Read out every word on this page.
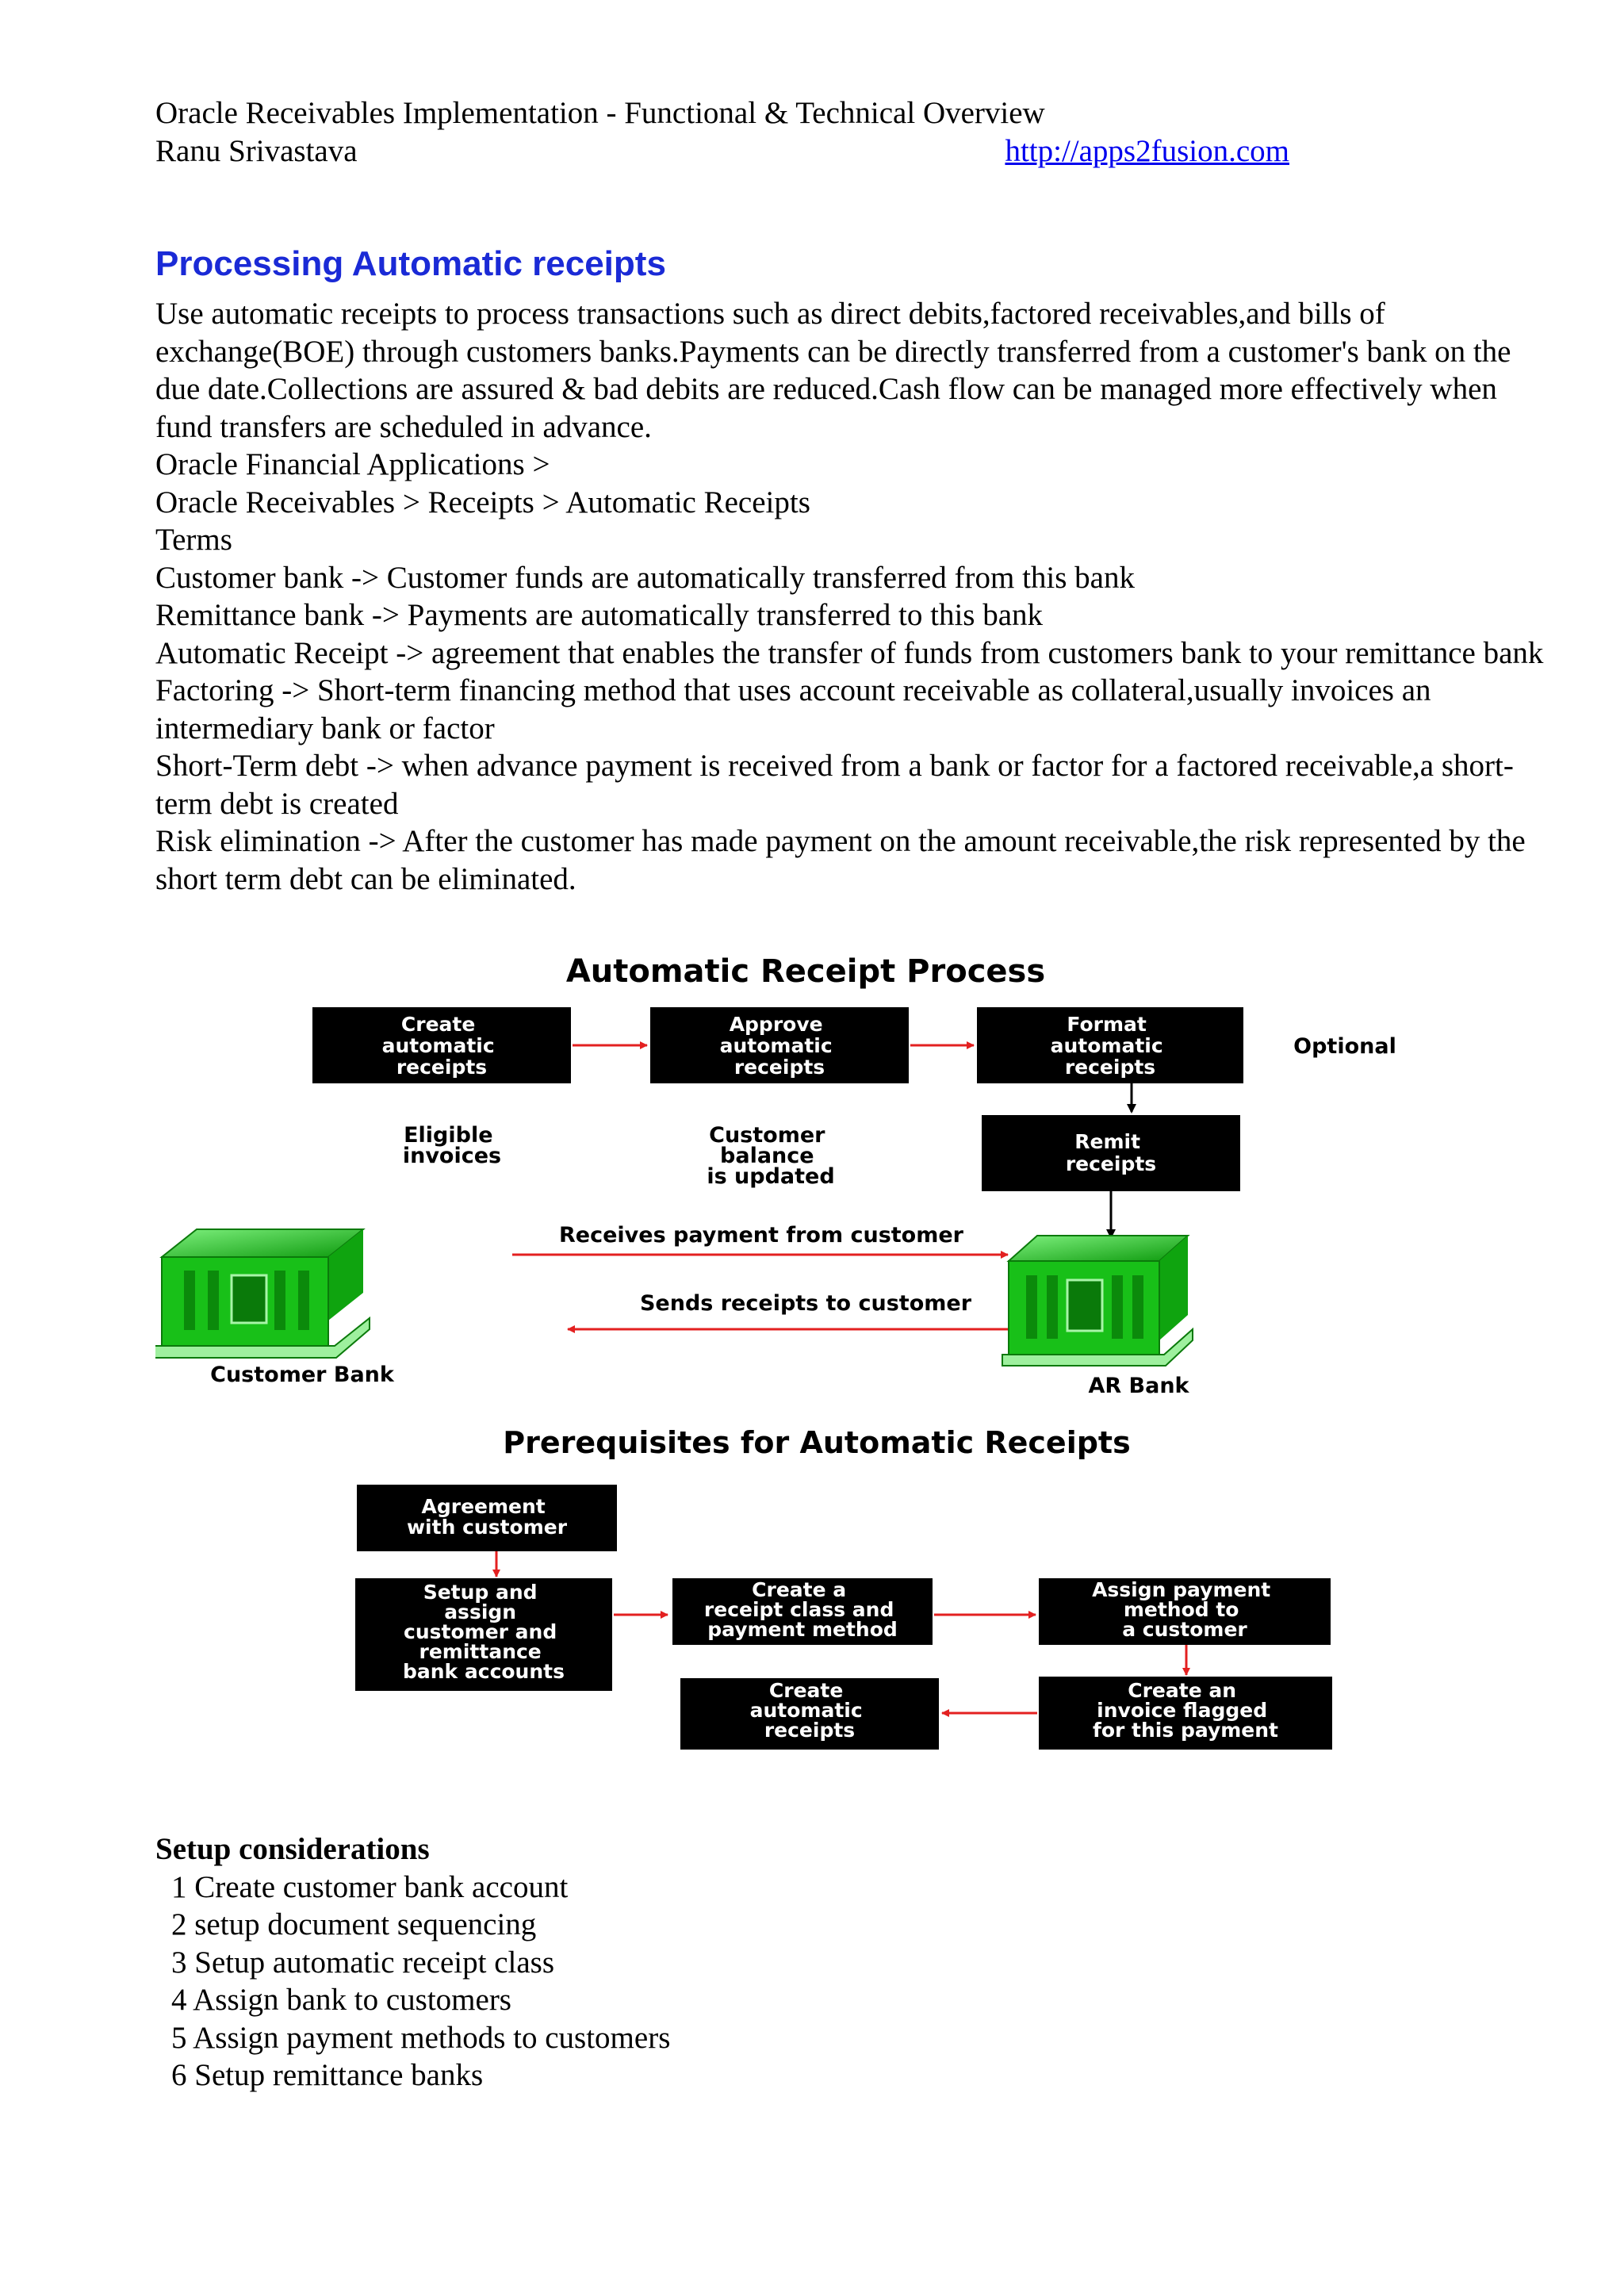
Oracle Receivables Implementation - Functional & Technical Overview
Ranu Srivastava	http://apps2fusion.com
Processing Automatic receipts

Use automatic receipts to process transactions such as direct debits,factored receivables,and bills of exchange(BOE) through customers banks.Payments can be directly transferred from a customer's bank on the due date.Collections are assured & bad debits are reduced.Cash flow can be managed more effectively when fund transfers are scheduled in advance.

Oracle Financial Applications >

Oracle Receivables > Receipts > Automatic Receipts

Terms

Customer bank -> Customer funds are automatically transferred from this bank

Remittance bank -> Payments are automatically transferred to this bank

Automatic Receipt -> agreement that enables the transfer of funds from customers bank to your remittance bank

Factoring -> Short-term financing method that uses account receivable as collateral,usually invoices an intermediary bank or factor

Short-Term debt -> when advance payment is received from a bank or factor for a factored receivable,a short-term debt is created

Risk elimination -> After the customer has made payment on the amount receivable,the risk represented by the short term debt can be eliminated.

Automatic Receipt Process
Create automatic receipts
Approve automatic receipts
Format automatic receipts
Optional
Eligible invoices
Customer balance is updated
Remit receipts
Receives payment from customer
Sends receipts to customer
Customer Bank	AR Bank
Prerequisites for Automatic Receipts
Agreement with customer
Setup and assign customer and remittance bank accounts
Create a receipt class and payment method
Assign payment method to a customer
Create an invoice flagged for this payment
Create automatic receipts
Setup considerations
1 Create customer bank account
2 setup document sequencing
3 Setup automatic receipt class
4 Assign bank to customers
5 Assign payment methods to customers
6 Setup remittance banks
